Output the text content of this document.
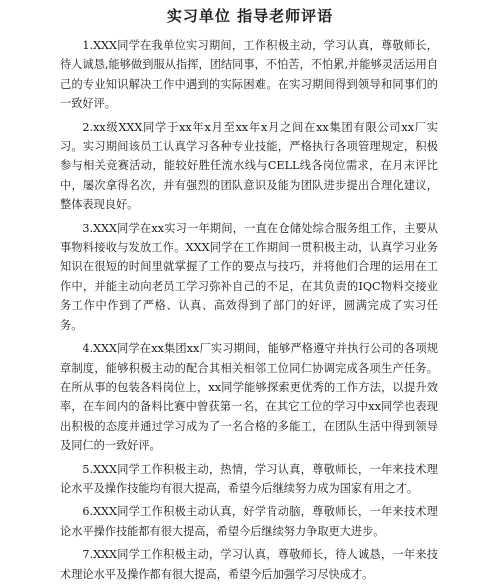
实习单位 指导老师评语

1.XXX同学在我单位实习期间，工作积极主动，学习认真，尊敬师长，待人诚恳,能够做到服从指挥，团结同事，不怕苦，不怕累,并能够灵活运用自己的专业知识解决工作中遇到的实际困难。在实习期间得到领导和同事们的一致好评。

2.xx级XXX同学于xx年x月至xx年x月之间在xx集团有限公司xx厂实习。实习期间该员工认真学习各种专业技能，严格执行各项管理规定，积极参与相关竞赛活动，能较好胜任流水线与CELL线各岗位需求，在月末评比中，屡次拿得名次，并有强烈的团队意识及能为团队进步提出合理化建议，整体表现良好。

3.XXX同学在xx实习一年期间，一直在仓储处综合服务组工作，主要从事物料接收与发放工作。XXX同学在工作期间一贯积极主动，认真学习业务知识在很短的时间里就掌握了工作的要点与技巧，并将他们合理的运用在工作中，并能主动向老员工学习弥补自己的不足，在其负责的IQC物料交接业务工作中作到了严格、认真、高效得到了部门的好评，圆满完成了实习任务。

4.XXX同学在xx集团xx厂实习期间，能够严格遵守并执行公司的各项规章制度，能够积极主动的配合其相关相邻工位同仁协调完成各项生产任务。在所从事的包装各料岗位上，xx同学能够探索更优秀的工作方法，以提升效率，在车间内的备料比赛中曾获第一名，在其它工位的学习中xx同学也表现出积极的态度并通过学习成为了一名合格的多能工，在团队生活中得到领导及同仁的一致好评。

5.XXX同学工作积极主动，热情，学习认真，尊敬师长，一年来技术理论水平及操作技能均有很大提高，希望今后继续努力成为国家有用之才。

6.XXX同学工作积极主动认真，好学肯动脑，尊敬师长，一年来技术理论水平操作技能都有很大提高，希望今后继续努力争取更大进步。

7.XXX同学工作积极主动，学习认真，尊敬师长，待人诚恳，一年来技术理论水平及操作都有很大提高，希望今后加强学习尽快成才。
